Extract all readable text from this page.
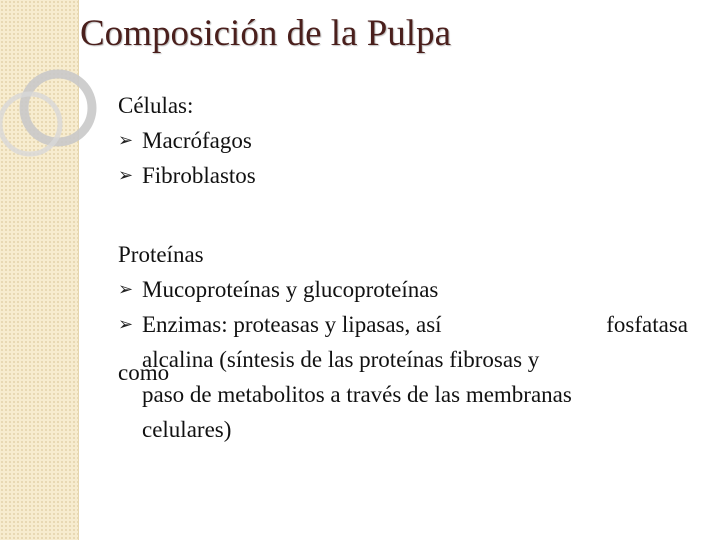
Composición de la Pulpa

Células:

➢ Macrófagos
➢ Fibroblastos

Proteínas

➢ Mucoproteínas y glucoproteínas
➢ Enzimas: proteasas y lipasas, así	fosfatasa
alcalina (síntesis de las proteínas fibrosas y
paso de metabolitos a través de las membranas
celulares)
como
